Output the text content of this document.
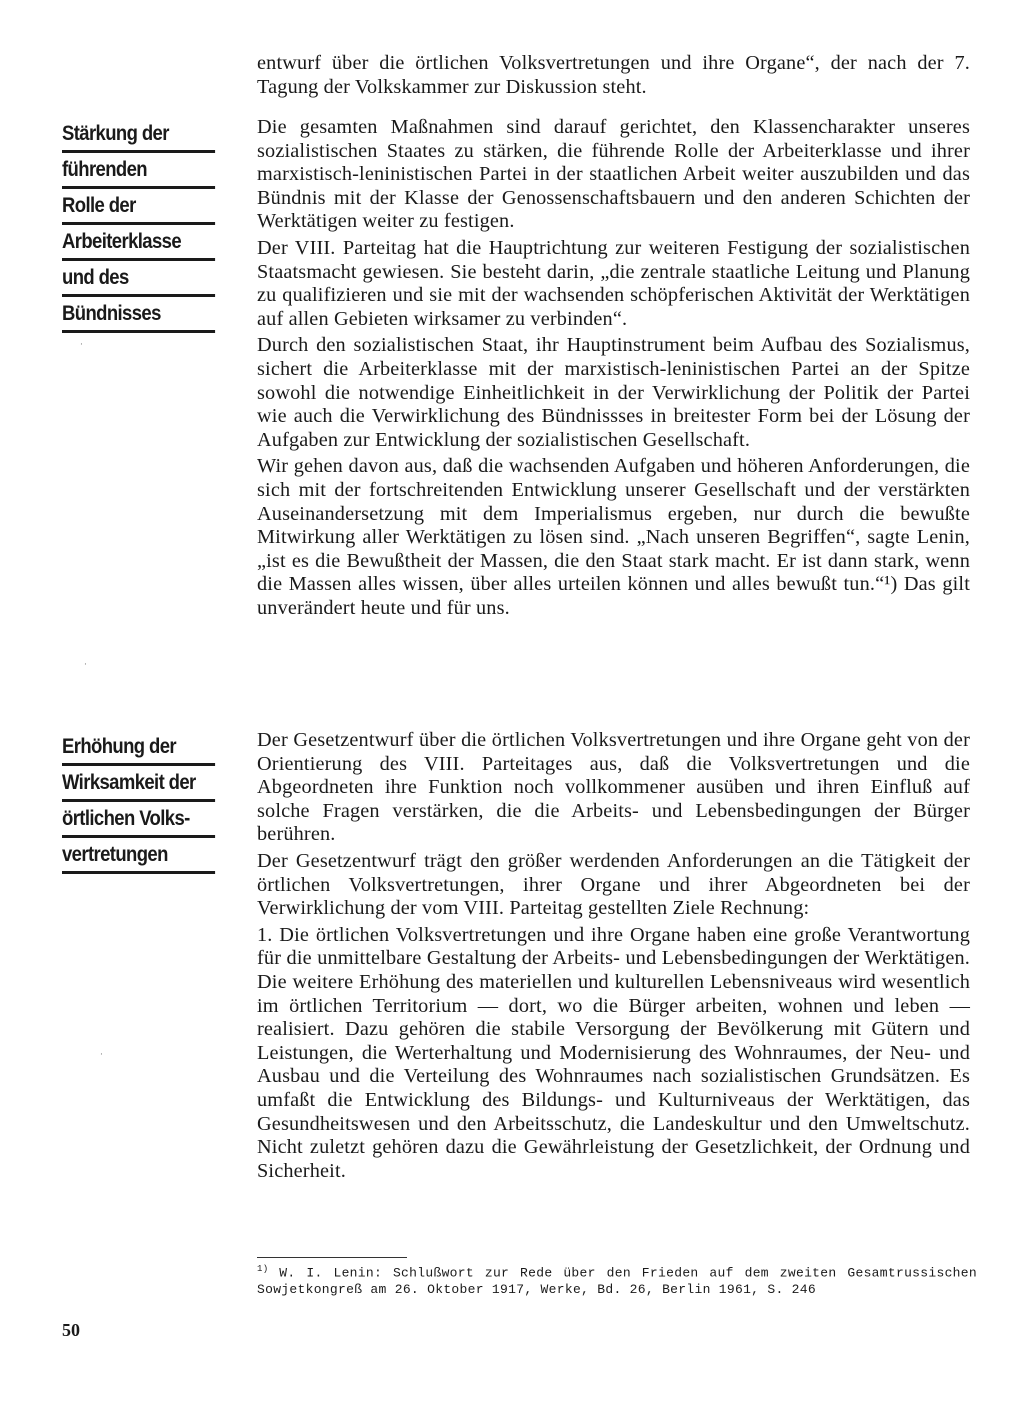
Stärkung der
führenden
Rolle der
Arbeiterklasse
und des
Bündnisses
Erhöhung der
Wirksamkeit der
örtlichen Volks-
vertretungen
·
·
·

entwurf über die örtlichen Volksvertretungen und ihre Organe“, der nach der 7. Tagung der Volkskammer zur Diskussion steht.

Die gesamten Maßnahmen sind darauf gerichtet, den Klassencharakter unseres sozialistischen Staates zu stärken, die führende Rolle der Arbeiterklasse und ihrer marxistisch-leninistischen Partei in der staatlichen Arbeit weiter auszubilden und das Bündnis mit der Klasse der Genossenschaftsbauern und den anderen Schichten der Werktätigen weiter zu festigen.

Der VIII. Parteitag hat die Hauptrichtung zur weiteren Festigung der sozialistischen Staatsmacht gewiesen. Sie besteht darin, „die zentrale staatliche Leitung und Planung zu qualifizieren und sie mit der wachsenden schöpferischen Aktivität der Werktätigen auf allen Gebieten wirksamer zu verbinden“.

Durch den sozialistischen Staat, ihr Hauptinstrument beim Aufbau des Sozialismus, sichert die Arbeiterklasse mit der marxistisch-leninistischen Partei an der Spitze sowohl die notwendige Einheitlichkeit in der Verwirklichung der Politik der Partei wie auch die Verwirklichung des Bündnissses in breitester Form bei der Lösung der Aufgaben zur Entwicklung der sozialistischen Gesellschaft.

Wir gehen davon aus, daß die wachsenden Aufgaben und höheren Anforderungen, die sich mit der fortschreitenden Entwicklung unserer Gesellschaft und der verstärkten Auseinandersetzung mit dem Imperialismus ergeben, nur durch die bewußte Mitwirkung aller Werktätigen zu lösen sind. „Nach unseren Begriffen“, sagte Lenin, „ist es die Bewußtheit der Massen, die den Staat stark macht. Er ist dann stark, wenn die Massen alles wissen, über alles urteilen können und alles bewußt tun.“¹) Das gilt unverändert heute und für uns.

Der Gesetzentwurf über die örtlichen Volksvertretungen und ihre Organe geht von der Orientierung des VIII. Parteitages aus, daß die Volksvertretungen und die Abgeordneten ihre Funktion noch vollkommener ausüben und ihren Einfluß auf solche Fragen verstärken, die die Arbeits- und Lebensbedingungen der Bürger berühren.

Der Gesetzentwurf trägt den größer werdenden Anforderungen an die Tätigkeit der örtlichen Volksvertretungen, ihrer Organe und ihrer Abgeordneten bei der Verwirklichung der vom VIII. Parteitag gestellten Ziele Rechnung:

1. Die örtlichen Volksvertretungen und ihre Organe haben eine große Verantwortung für die unmittelbare Gestaltung der Arbeits- und Lebensbedingungen der Werktätigen. Die weitere Erhöhung des materiellen und kulturellen Lebensniveaus wird wesentlich im örtlichen Territorium — dort, wo die Bürger arbeiten, wohnen und leben — realisiert. Dazu gehören die stabile Versorgung der Bevölkerung mit Gütern und Leistungen, die Werterhaltung und Modernisierung des Wohnraumes, der Neu- und Ausbau und die Verteilung des Wohnraumes nach sozialistischen Grundsätzen. Es umfaßt die Entwicklung des Bildungs- und Kulturniveaus der Werktätigen, das Gesundheitswesen und den Arbeitsschutz, die Landeskultur und den Umweltschutz. Nicht zuletzt gehören dazu die Gewährleistung der Gesetzlichkeit, der Ordnung und Sicherheit.

$^{1)}$ W. I. Lenin: Schlußwort zur Rede über den Frieden auf dem zweiten Gesamtrussischen Sowjetkongreß am 26. Oktober 1917, Werke, Bd. 26, Berlin 1961, S. 246
50
